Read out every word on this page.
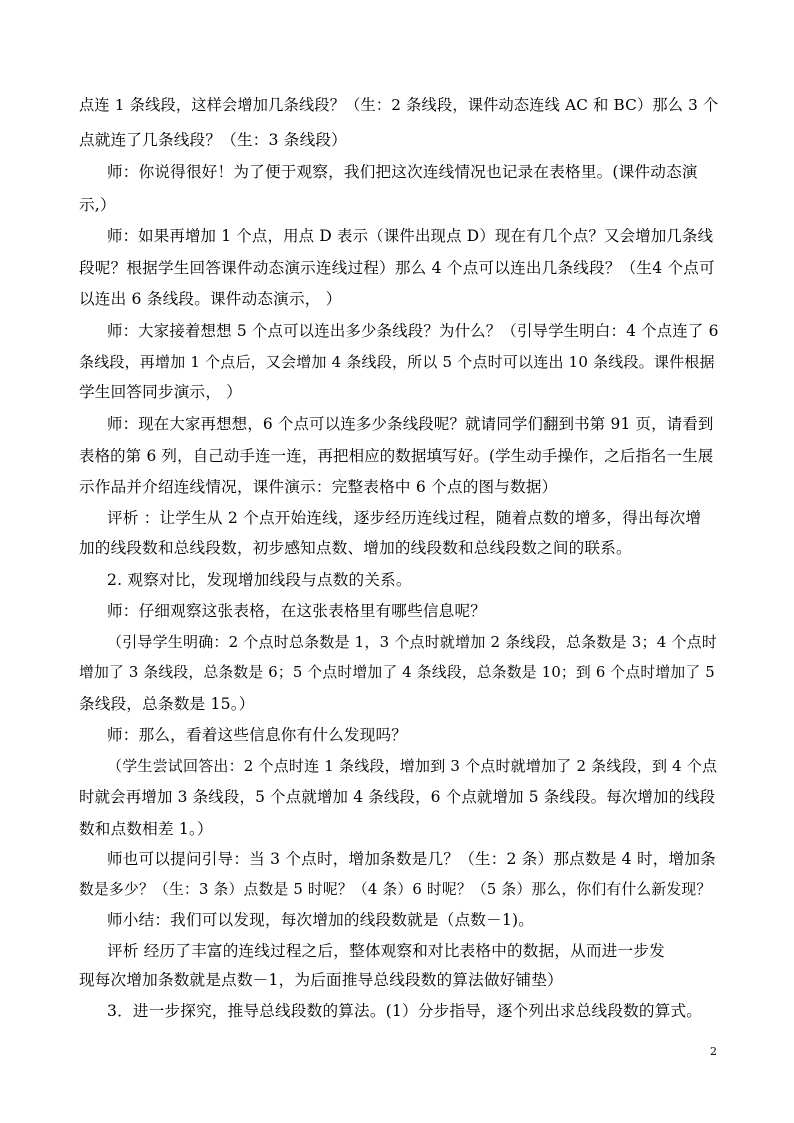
点连 1 条线段，这样会增加几条线段？（生：2 条线段，课件动态连线 AC 和 BC）那么 3 个
点就连了几条线段？（生：3 条线段）
师：你说得很好！为了便于观察，我们把这次连线情况也记录在表格里。(课件动态演
示,）
师：如果再增加 1 个点，用点 D 表示（课件出现点 D）现在有几个点？又会增加几条线
段呢？根据学生回答课件动态演示连线过程）那么 4 个点可以连出几条线段？（生4 个点可
以连出 6 条线段。课件动态演示， ）
师：大家接着想想 5 个点可以连出多少条线段？为什么？（引导学生明白：4 个点连了 6
条线段，再增加 1 个点后，又会增加 4 条线段，所以 5 个点时可以连出 10 条线段。课件根据
学生回答同步演示， ）
师：现在大家再想想，6 个点可以连多少条线段呢？就请同学们翻到书第 91 页，请看到
表格的第 6 列，自己动手连一连，再把相应的数据填写好。(学生动手操作，之后指名一生展
示作品并介绍连线情况，课件演示：完整表格中 6 个点的图与数据）
评析 ：让学生从 2 个点开始连线，逐步经历连线过程，随着点数的增多，得出每次增
加的线段数和总线段数，初步感知点数、增加的线段数和总线段数之间的联系。
2. 观察对比，发现增加线段与点数的关系。
师：仔细观察这张表格，在这张表格里有哪些信息呢？
（引导学生明确：2 个点时总条数是 1，3 个点时就增加 2 条线段，总条数是 3；4 个点时
增加了 3 条线段，总条数是 6；5 个点时增加了 4 条线段，总条数是 10；到 6 个点时增加了 5
条线段，总条数是 15。）
师：那么，看着这些信息你有什么发现吗？
（学生尝试回答出：2 个点时连 1 条线段，增加到 3 个点时就增加了 2 条线段，到 4 个点
时就会再增加 3 条线段，5 个点就增加 4 条线段，6 个点就增加 5 条线段。每次增加的线段
数和点数相差 1。）
师也可以提问引导：当 3 个点时，增加条数是几？（生：2 条）那点数是 4 时，增加条
数是多少？（生：3 条）点数是 5 时呢？（4 条）6 时呢？（5 条）那么，你们有什么新发现？
师小结：我们可以发现，每次增加的线段数就是（点数－1)。
评析 经历了丰富的连线过程之后，整体观察和对比表格中的数据，从而进一步发
现每次增加条数就是点数－1，为后面推导总线段数的算法做好铺垫）
3．进一步探究，推导总线段数的算法。(1）分步指导，逐个列出求总线段数的算式。
2
